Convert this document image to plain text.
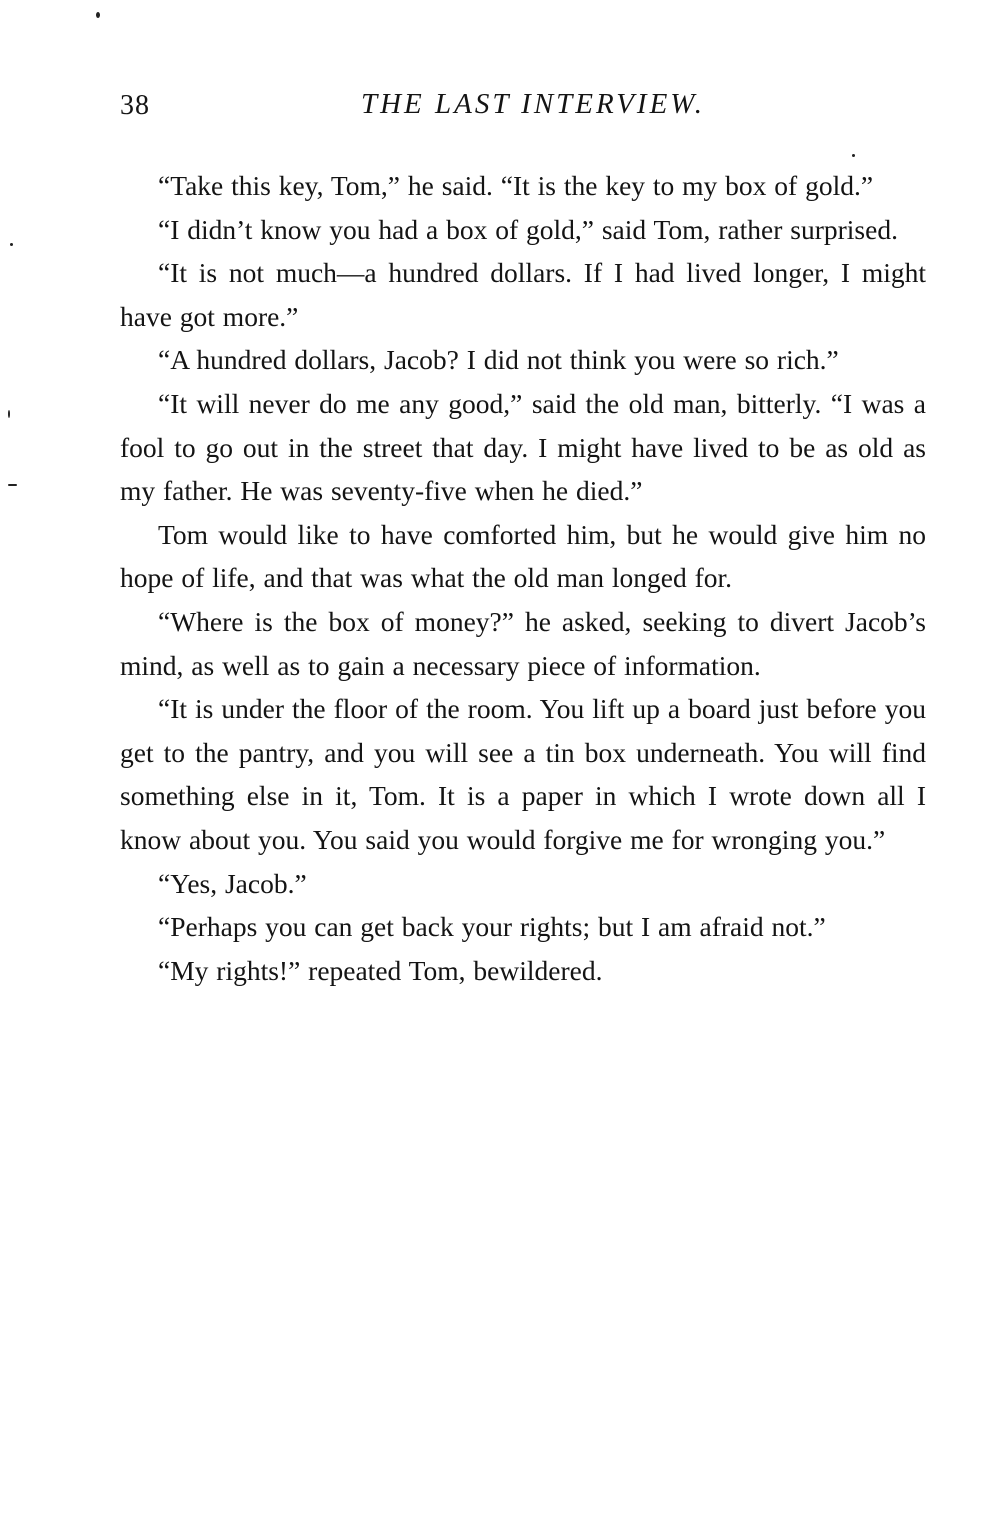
38	THE LAST INTERVIEW.

“Take this key, Tom,” he said. “It is the key to my box of gold.”

“I didn’t know you had a box of gold,” said Tom, rather surprised.

“It is not much—a hundred dollars. If I had lived longer, I might have got more.”

“A hundred dollars, Jacob? I did not think you were so rich.”

“It will never do me any good,” said the old man, bitterly. “I was a fool to go out in the street that day. I might have lived to be as old as my father. He was seventy-five when he died.”

Tom would like to have comforted him, but he would give him no hope of life, and that was what the old man longed for.

“Where is the box of money?” he asked, seeking to divert Jacob’s mind, as well as to gain a necessary piece of information.

“It is under the floor of the room. You lift up a board just before you get to the pantry, and you will see a tin box underneath. You will find something else in it, Tom. It is a paper in which I wrote down all I know about you. You said you would forgive me for wronging you.”

“Yes, Jacob.”

“Perhaps you can get back your rights; but I am afraid not.”

“My rights!” repeated Tom, bewildered.
